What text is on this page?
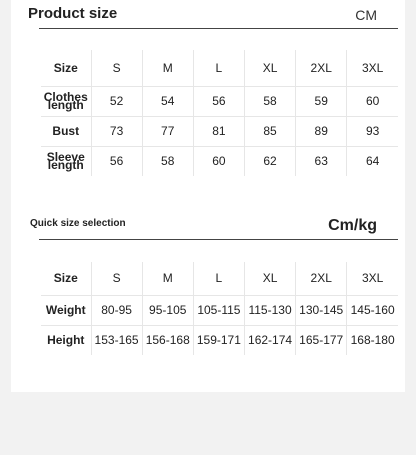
Product size	CM
Size	S	M	L	XL	2XL	3XL
Clothes length	52	54	56	58	59	60
Bust	73	77	81	85	89	93
Sleeve length	56	58	60	62	63	64
Quick size selection	Cm/kg
Size	S	M	L	XL	2XL	3XL
Weight	80-95	95-105	105-115	115-130	130-145	145-160
Height	153-165	156-168	159-171	162-174	165-177	168-180
